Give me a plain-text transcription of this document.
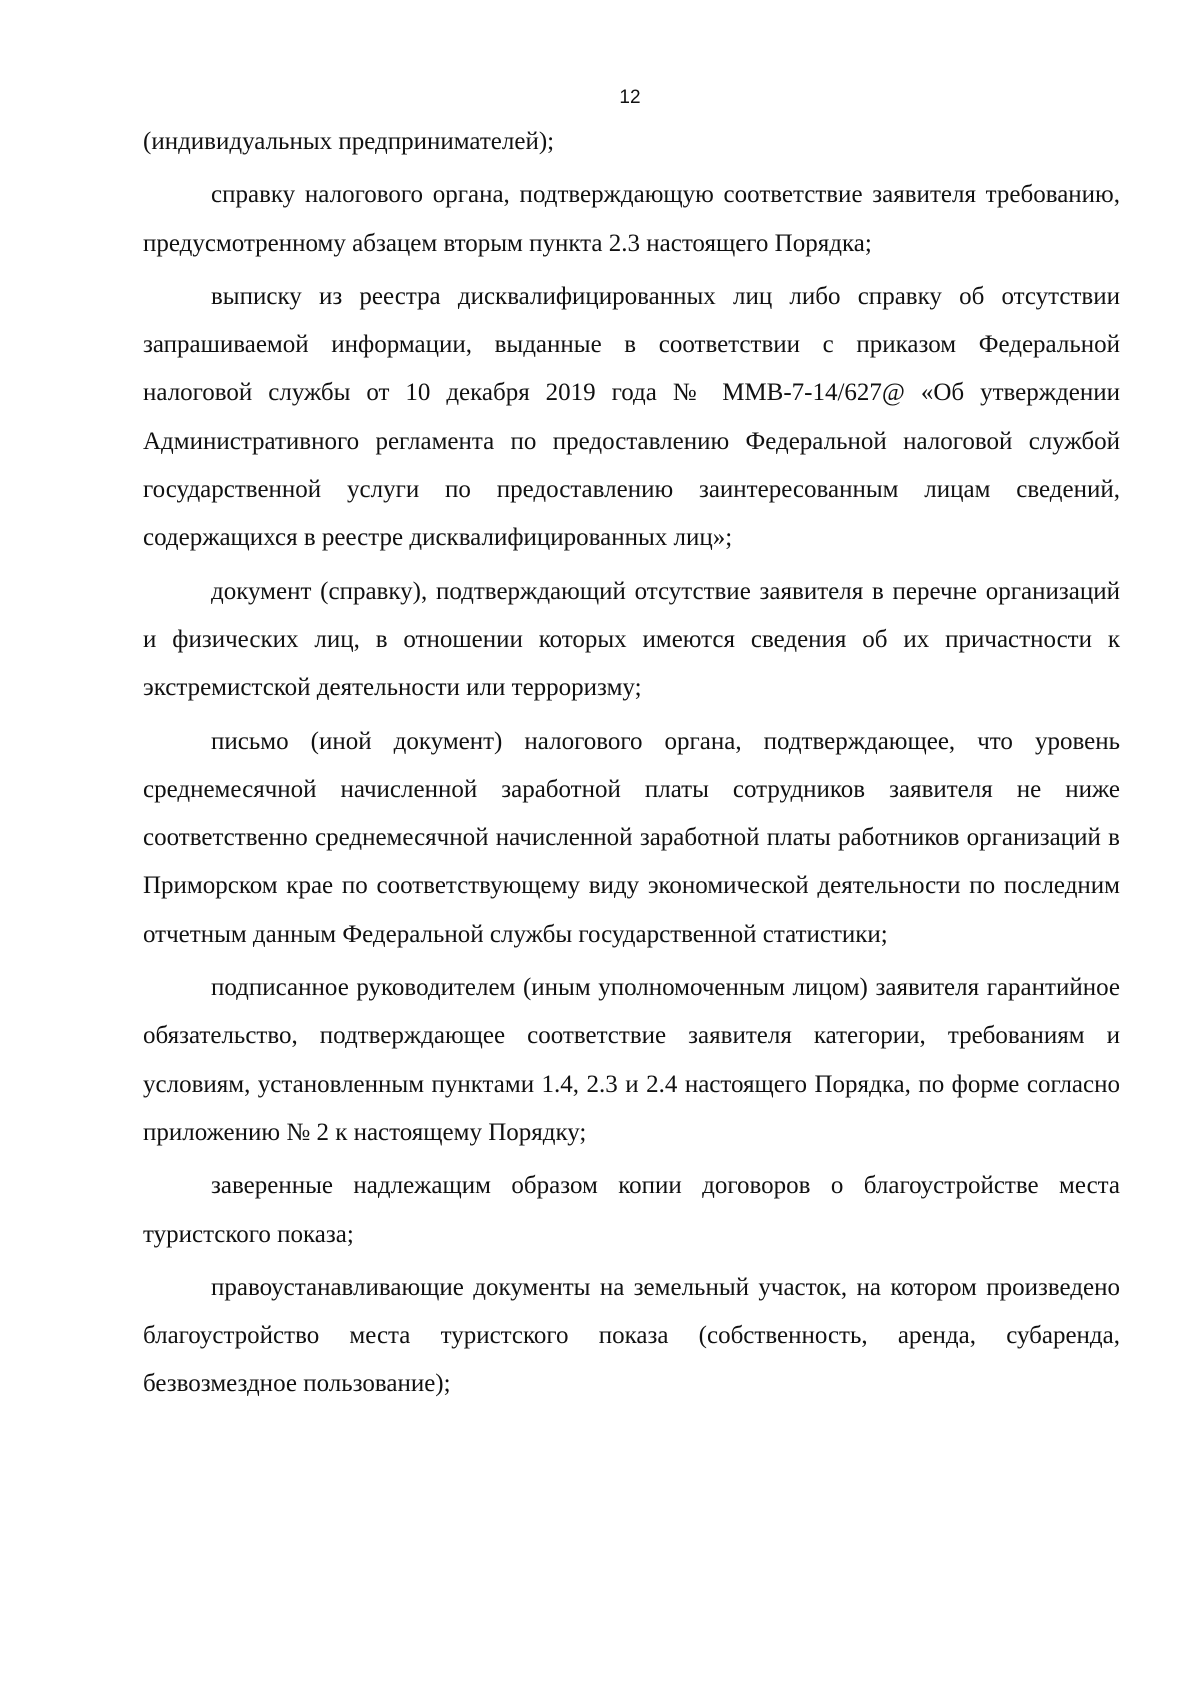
12

(индивидуальных предпринимателей);

справку налогового органа, подтверждающую соответствие заявителя требованию, предусмотренному абзацем вторым пункта 2.3 настоящего Порядка;

выписку из реестра дисквалифицированных лиц либо справку об отсутствии запрашиваемой информации, выданные в соответствии с приказом Федеральной налоговой службы от 10 декабря 2019 года № ММВ-7-14/627@ «Об утверждении Административного регламента по предоставлению Федеральной налоговой службой государственной услуги по предоставлению заинтересованным лицам сведений, содержащихся в реестре дисквалифицированных лиц»;

документ (справку), подтверждающий отсутствие заявителя в перечне организаций и физических лиц, в отношении которых имеются сведения об их причастности к экстремистской деятельности или терроризму;

письмо (иной документ) налогового органа, подтверждающее, что уровень среднемесячной начисленной заработной платы сотрудников заявителя не ниже соответственно среднемесячной начисленной заработной платы работников организаций в Приморском крае по соответствующему виду экономической деятельности по последним отчетным данным Федеральной службы государственной статистики;

подписанное руководителем (иным уполномоченным лицом) заявителя гарантийное обязательство, подтверждающее соответствие заявителя категории, требованиям и условиям, установленным пунктами 1.4, 2.3 и 2.4 настоящего Порядка, по форме согласно приложению № 2 к настоящему Порядку;

заверенные надлежащим образом копии договоров о благоустройстве места туристского показа;

правоустанавливающие документы на земельный участок, на котором произведено благоустройство места туристского показа (собственность, аренда, субаренда, безвозмездное пользование);
